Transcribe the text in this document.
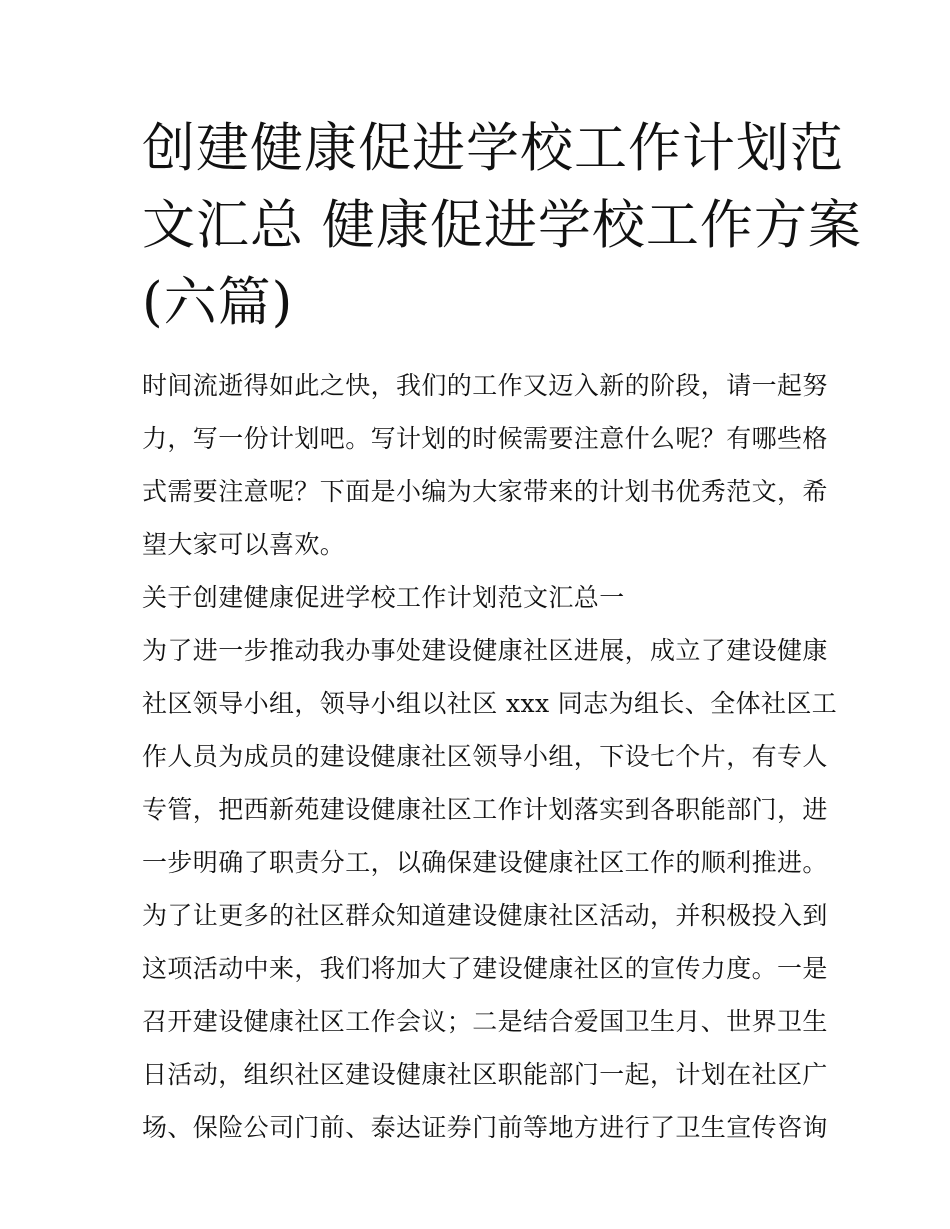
创建健康促进学校工作计划范
文汇总 健康促进学校工作方案
(六篇)
时间流逝得如此之快，我们的工作又迈入新的阶段，请一起努
力，写一份计划吧。写计划的时候需要注意什么呢？有哪些格
式需要注意呢？下面是小编为大家带来的计划书优秀范文，希
望大家可以喜欢。
关于创建健康促进学校工作计划范文汇总一
为了进一步推动我办事处建设健康社区进展，成立了建设健康
社区领导小组，领导小组以社区 xxx 同志为组长、全体社区工
作人员为成员的建设健康社区领导小组，下设七个片，有专人
专管，把西新苑建设健康社区工作计划落实到各职能部门，进
一步明确了职责分工，以确保建设健康社区工作的顺利推进。
为了让更多的社区群众知道建设健康社区活动，并积极投入到
这项活动中来，我们将加大了建设健康社区的宣传力度。一是
召开建设健康社区工作会议；二是结合爱国卫生月、世界卫生
日活动，组织社区建设健康社区职能部门一起，计划在社区广
场、保险公司门前、泰达证券门前等地方进行了卫生宣传咨询
